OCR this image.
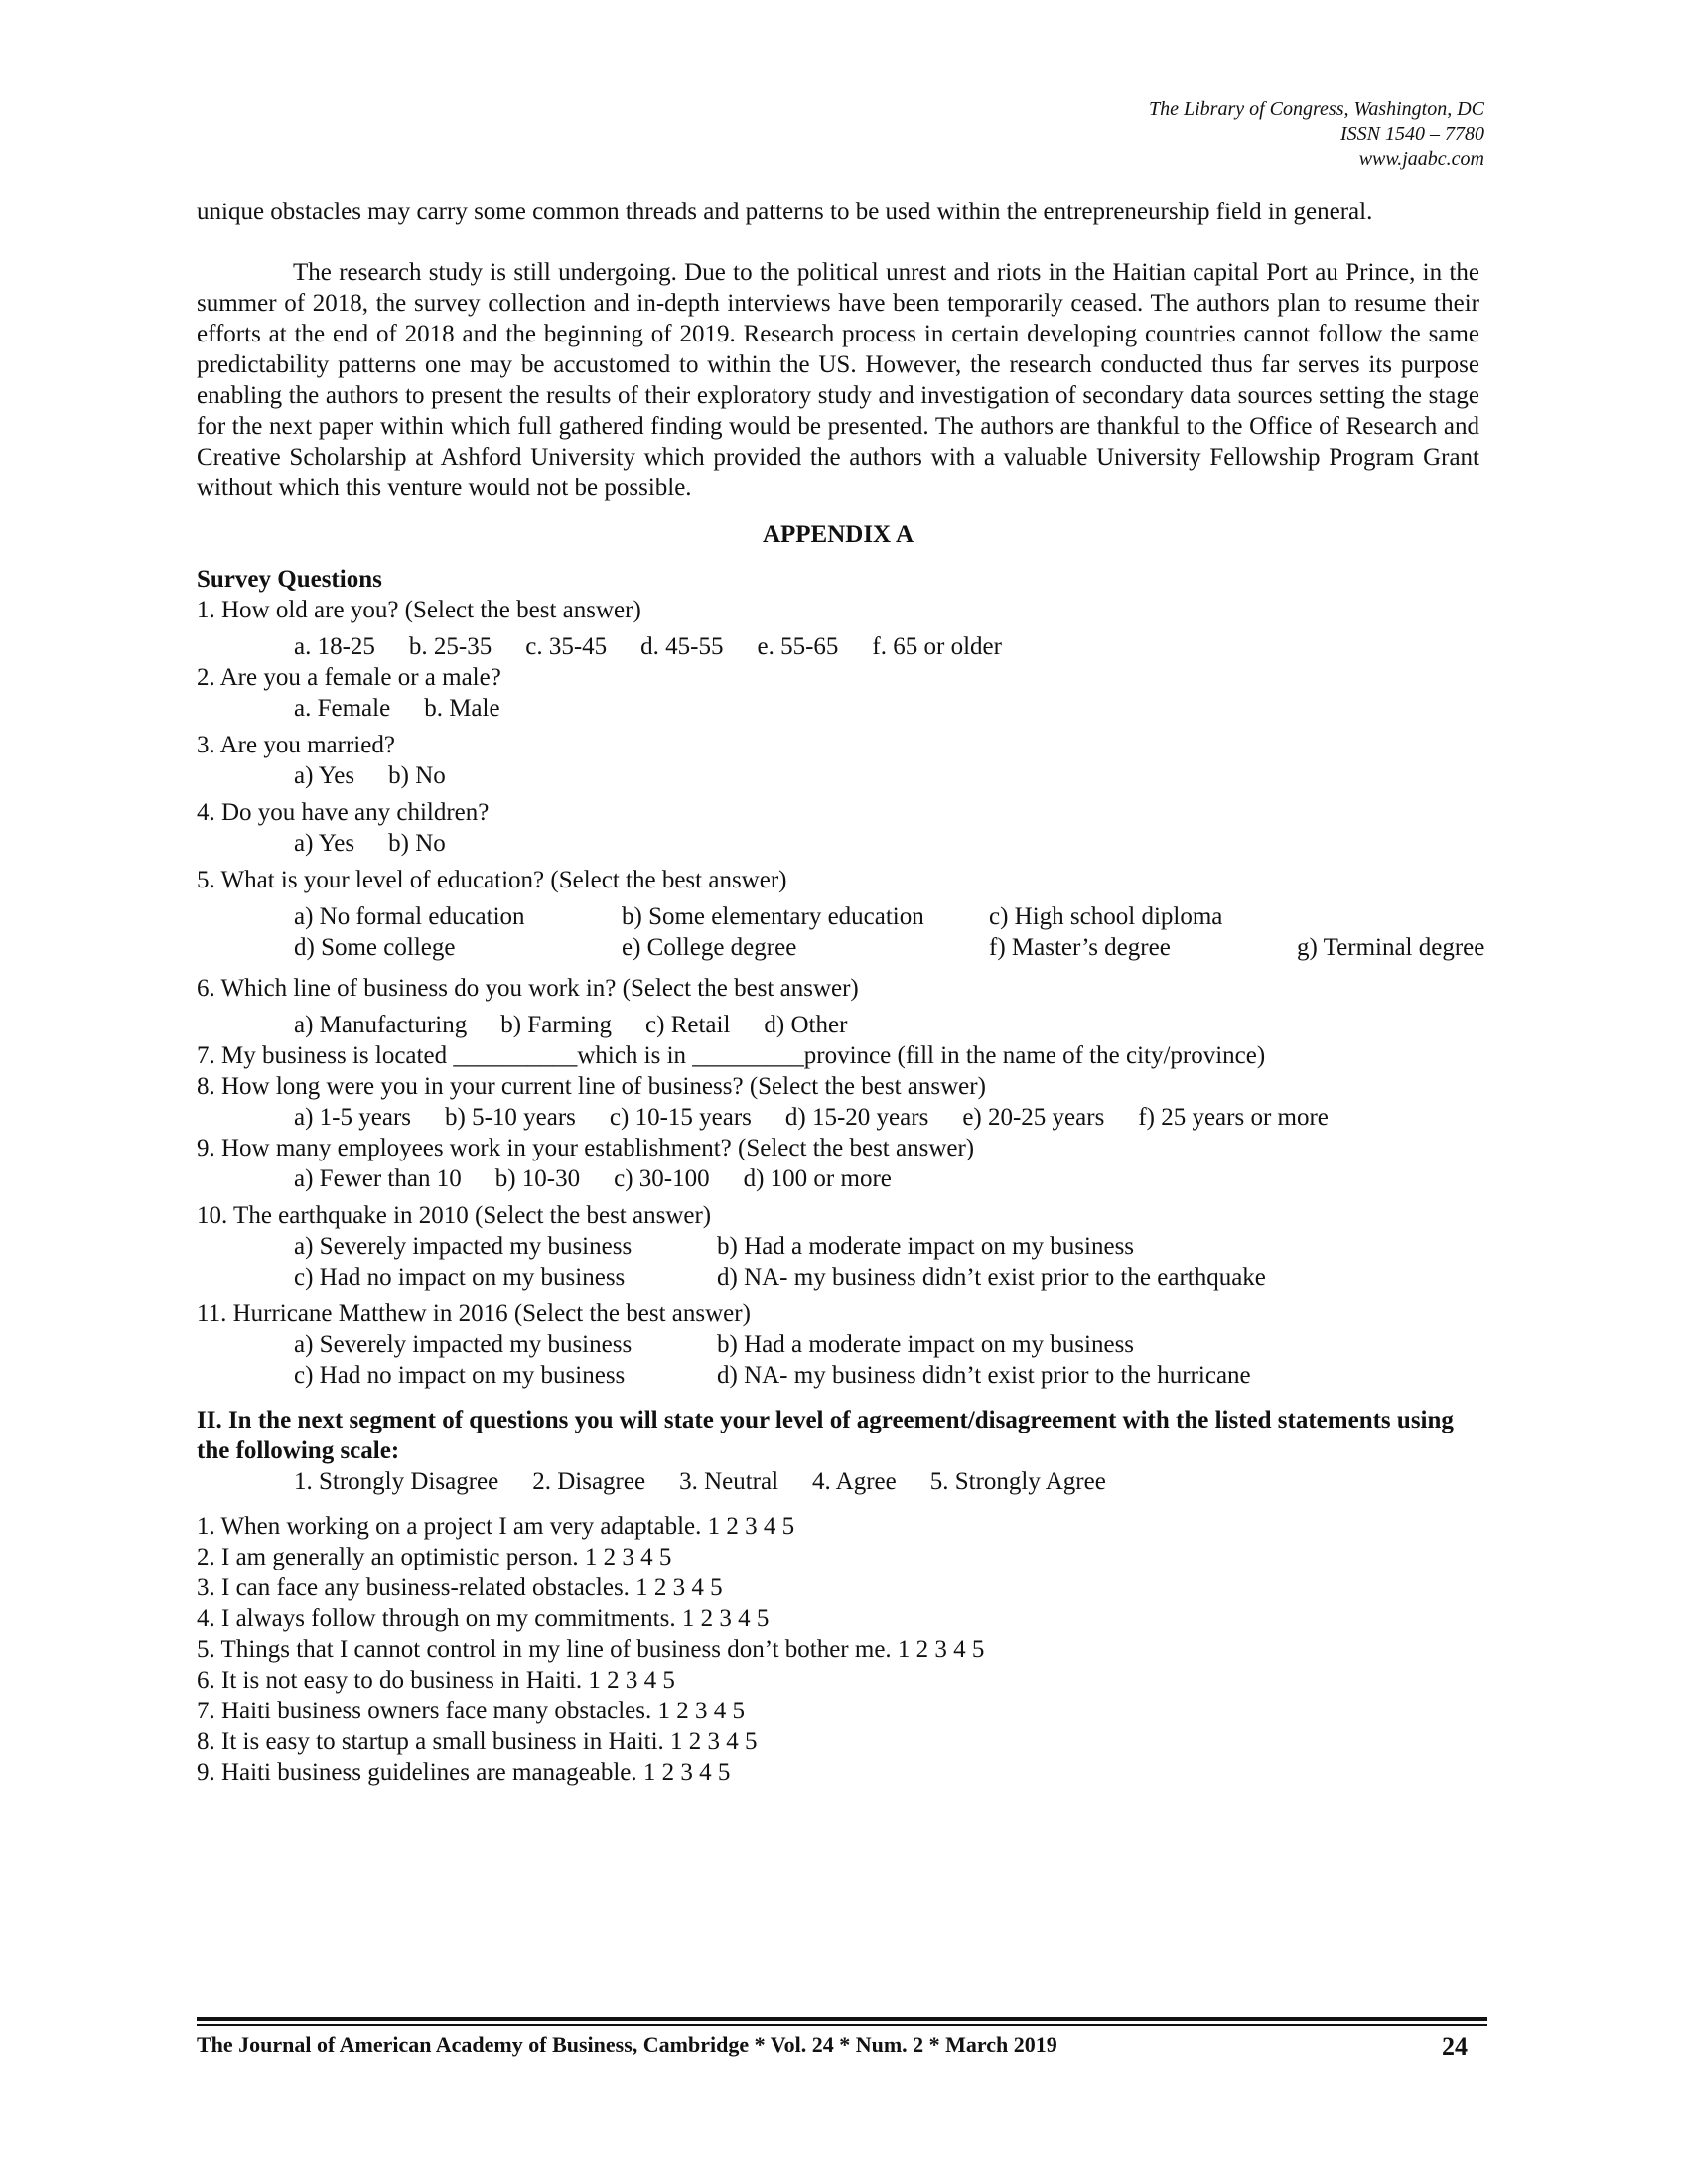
The Library of Congress, Washington, DC
ISSN 1540 – 7780
www.jaabc.com

unique obstacles may carry some common threads and patterns to be used within the entrepreneurship field in general.

The research study is still undergoing. Due to the political unrest and riots in the Haitian capital Port au Prince, in the summer of 2018, the survey collection and in-depth interviews have been temporarily ceased. The authors plan to resume their efforts at the end of 2018 and the beginning of 2019. Research process in certain developing countries cannot follow the same predictability patterns one may be accustomed to within the US. However, the research conducted thus far serves its purpose enabling the authors to present the results of their exploratory study and investigation of secondary data sources setting the stage for the next paper within which full gathered finding would be presented. The authors are thankful to the Office of Research and Creative Scholarship at Ashford University which provided the authors with a valuable University Fellowship Program Grant without which this venture would not be possible.

APPENDIX A
Survey Questions
1. How old are you? (Select the best answer)
a. 18-25 b. 25-35 c. 35-45 d. 45-55 e. 55-65 f. 65 or older
2. Are you a female or a male?
a. Female b. Male
3. Are you married?
a) Yes b) No
4. Do you have any children?
a) Yes b) No
5. What is your level of education? (Select the best answer)
a) No formal education	b) Some elementary education	c) High school diploma
d) Some college	e) College degree	f) Master’s degree	g) Terminal degree
6. Which line of business do you work in? (Select the best answer)
a) Manufacturing b) Farming c) Retail d) Other
7. My business is located __________which is in _________province (fill in the name of the city/province)
8. How long were you in your current line of business? (Select the best answer)
a) 1-5 years b) 5-10 years c) 10-15 years d) 15-20 years e) 20-25 years f) 25 years or more
9. How many employees work in your establishment? (Select the best answer)
a) Fewer than 10 b) 10-30 c) 30-100 d) 100 or more
10. The earthquake in 2010 (Select the best answer)
a) Severely impacted my business	b) Had a moderate impact on my business
c) Had no impact on my business	d) NA- my business didn’t exist prior to the earthquake
11. Hurricane Matthew in 2016 (Select the best answer)
a) Severely impacted my business	b) Had a moderate impact on my business
c) Had no impact on my business	d) NA- my business didn’t exist prior to the hurricane
II. In the next segment of questions you will state your level of agreement/disagreement with the listed statements using the following scale:
1. Strongly Disagree 2. Disagree 3. Neutral 4. Agree 5. Strongly Agree
1. When working on a project I am very adaptable. 1 2 3 4 5
2. I am generally an optimistic person. 1 2 3 4 5
3. I can face any business-related obstacles. 1 2 3 4 5
4. I always follow through on my commitments. 1 2 3 4 5
5. Things that I cannot control in my line of business don’t bother me. 1 2 3 4 5
6. It is not easy to do business in Haiti. 1 2 3 4 5
7. Haiti business owners face many obstacles. 1 2 3 4 5
8. It is easy to startup a small business in Haiti. 1 2 3 4 5
9. Haiti business guidelines are manageable. 1 2 3 4 5
The Journal of American Academy of Business, Cambridge * Vol. 24 * Num. 2 * March 2019	24
